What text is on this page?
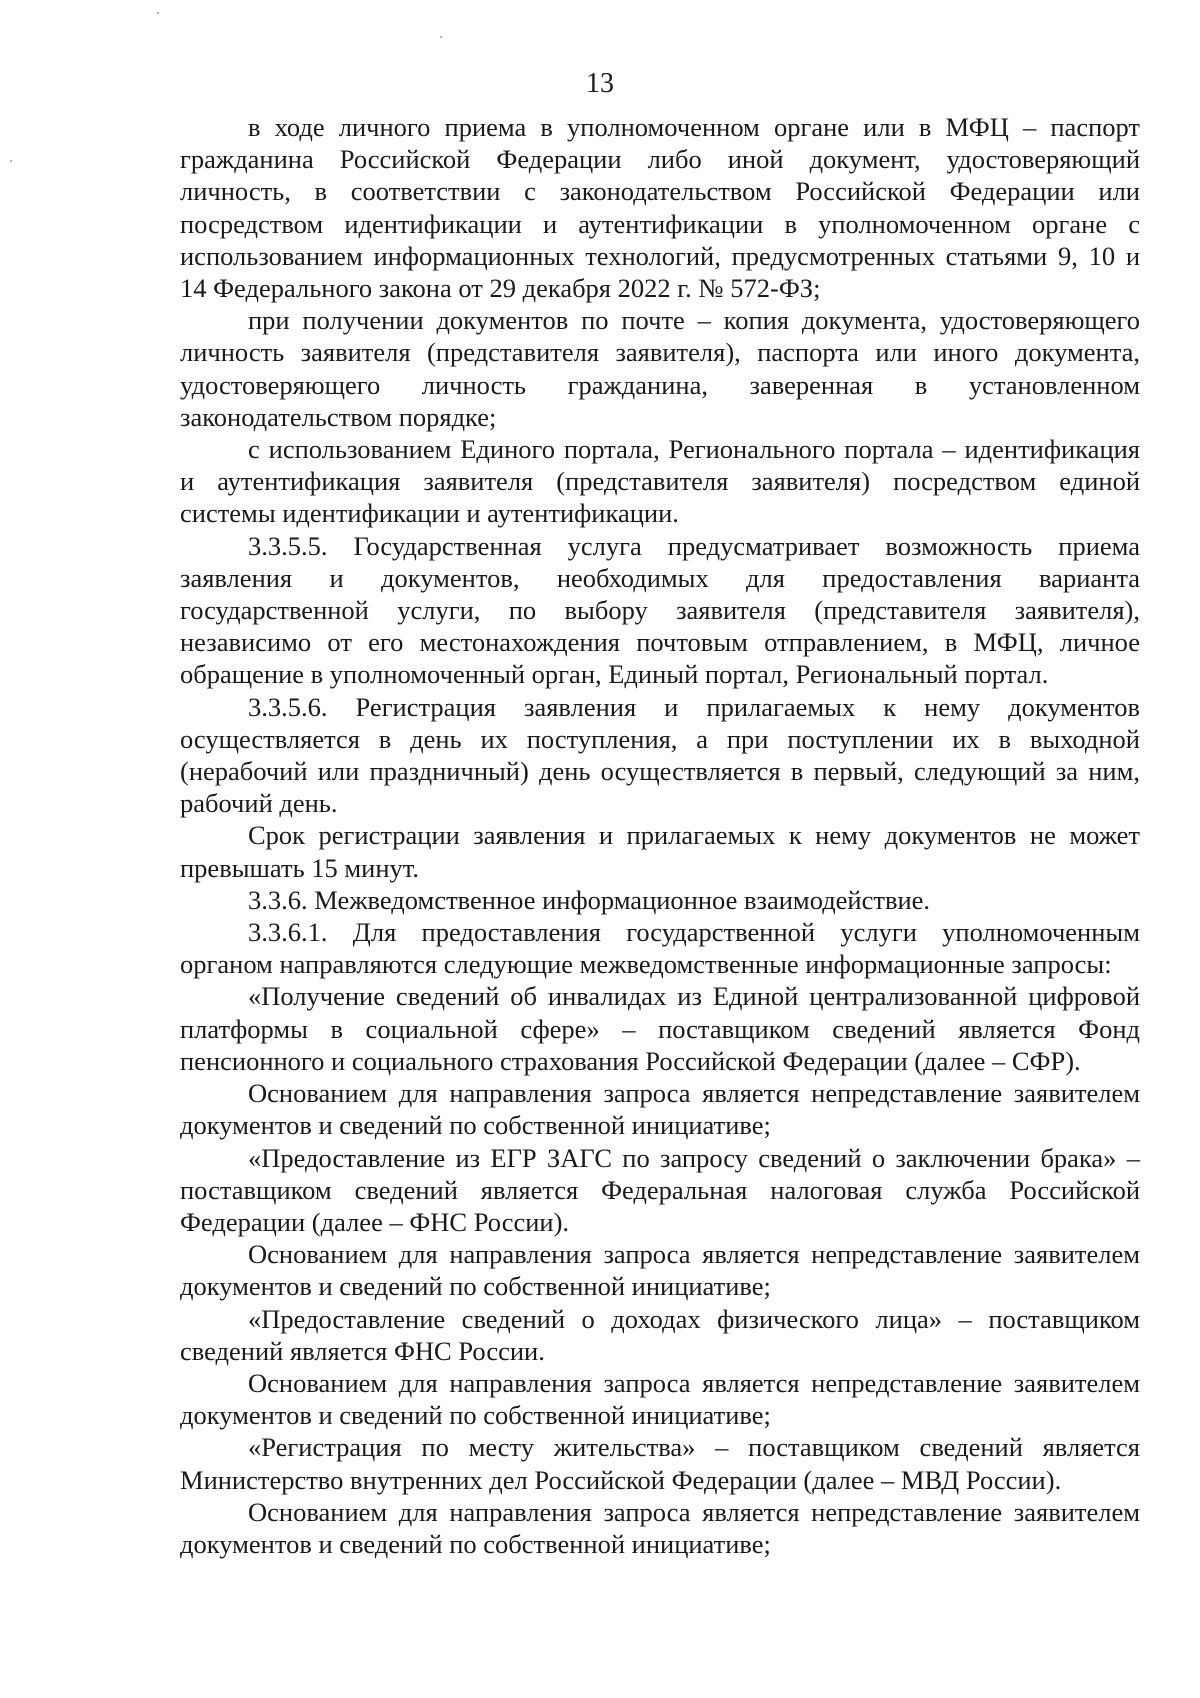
13

в ходе личного приема в уполномоченном органе или в МФЦ – паспорт гражданина Российской Федерации либо иной документ, удостоверяющий личность, в соответствии с законодательством Российской Федерации или посредством идентификации и аутентификации в уполномоченном органе с использованием информационных технологий, предусмотренных статьями 9, 10 и 14 Федерального закона от 29 декабря 2022 г. № 572-ФЗ;

при получении документов по почте – копия документа, удостоверяющего личность заявителя (представителя заявителя), паспорта или иного документа, удостоверяющего личность гражданина, заверенная в установленном законодательством порядке;

с использованием Единого портала, Регионального портала – идентификация и аутентификация заявителя (представителя заявителя) посредством единой системы идентификации и аутентификации.

3.3.5.5. Государственная услуга предусматривает возможность приема заявления и документов, необходимых для предоставления варианта государственной услуги, по выбору заявителя (представителя заявителя), независимо от его местонахождения почтовым отправлением, в МФЦ, личное обращение в уполномоченный орган, Единый портал, Региональный портал.

3.3.5.6. Регистрация заявления и прилагаемых к нему документов осуществляется в день их поступления, а при поступлении их в выходной (нерабочий или праздничный) день осуществляется в первый, следующий за ним, рабочий день.

Срок регистрации заявления и прилагаемых к нему документов не может превышать 15 минут.

3.3.6. Межведомственное информационное взаимодействие.

3.3.6.1. Для предоставления государственной услуги уполномоченным органом направляются следующие межведомственные информационные запросы:

«Получение сведений об инвалидах из Единой централизованной цифровой платформы в социальной сфере» – поставщиком сведений является Фонд пенсионного и социального страхования Российской Федерации (далее – СФР).

Основанием для направления запроса является непредставление заявителем документов и сведений по собственной инициативе;

«Предоставление из ЕГР ЗАГС по запросу сведений о заключении брака» – поставщиком сведений является Федеральная налоговая служба Российской Федерации (далее – ФНС России).

Основанием для направления запроса является непредставление заявителем документов и сведений по собственной инициативе;

«Предоставление сведений о доходах физического лица» – поставщиком сведений является ФНС России.

Основанием для направления запроса является непредставление заявителем документов и сведений по собственной инициативе;

«Регистрация по месту жительства» – поставщиком сведений является Министерство внутренних дел Российской Федерации (далее – МВД России).

Основанием для направления запроса является непредставление заявителем документов и сведений по собственной инициативе;
